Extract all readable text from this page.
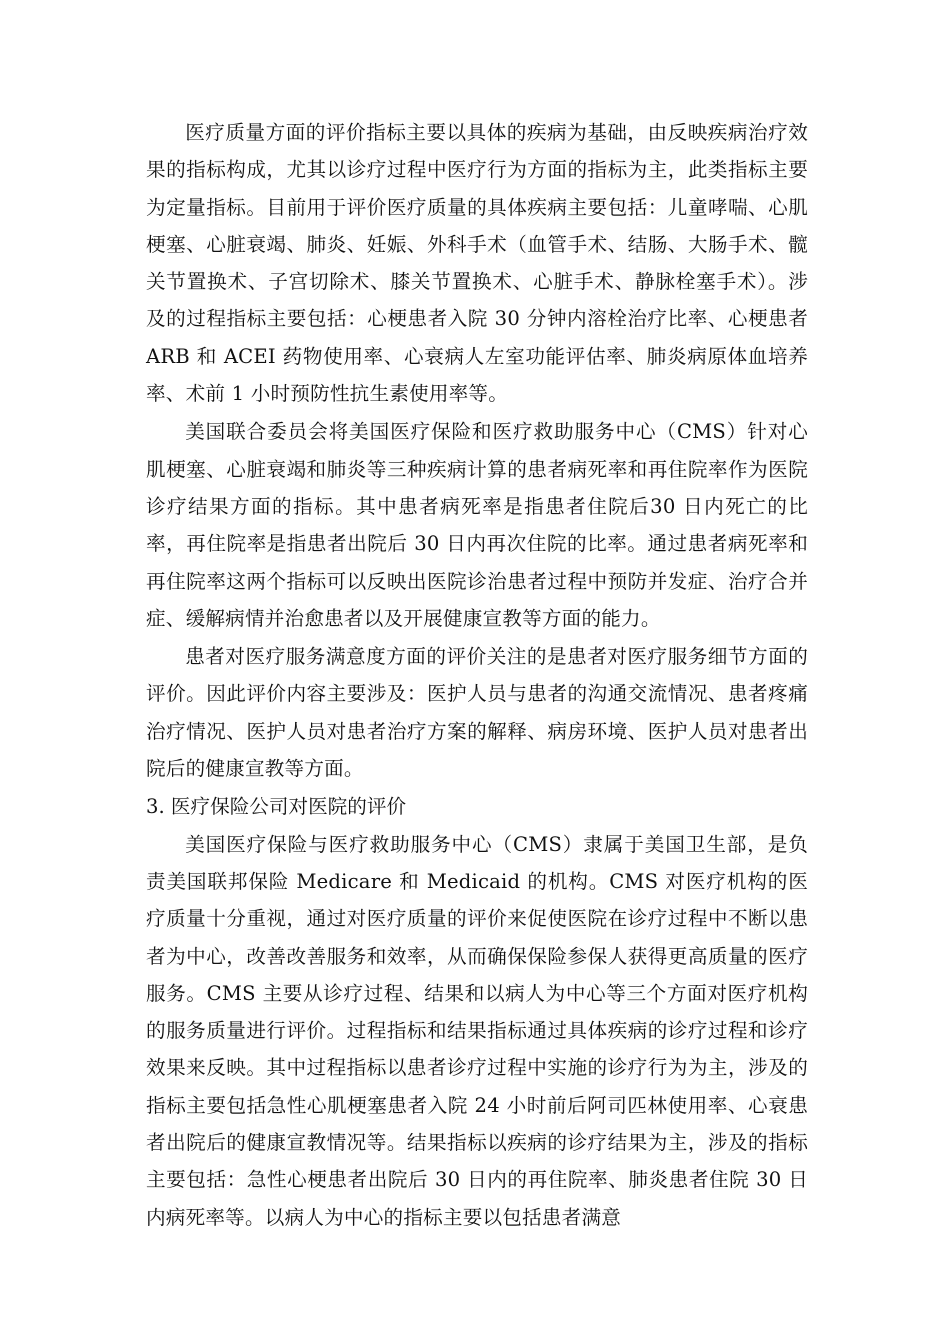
医疗质量方面的评价指标主要以具体的疾病为基础，由反映疾病治疗效果的指标构成，尤其以诊疗过程中医疗行为方面的指标为主，此类指标主要为定量指标。目前用于评价医疗质量的具体疾病主要包括：儿童哮喘、心肌梗塞、心脏衰竭、肺炎、妊娠、外科手术（血管手术、结肠、大肠手术、髋关节置换术、子宫切除术、膝关节置换术、心脏手术、静脉栓塞手术）。涉及的过程指标主要包括：心梗患者入院 30 分钟内溶栓治疗比率、心梗患者 ARB 和 ACEI 药物使用率、心衰病人左室功能评估率、肺炎病原体血培养率、术前 1 小时预防性抗生素使用率等。

美国联合委员会将美国医疗保险和医疗救助服务中心（CMS）针对心肌梗塞、心脏衰竭和肺炎等三种疾病计算的患者病死率和再住院率作为医院诊疗结果方面的指标。其中患者病死率是指患者住院后30 日内死亡的比率，再住院率是指患者出院后 30 日内再次住院的比率。通过患者病死率和再住院率这两个指标可以反映出医院诊治患者过程中预防并发症、治疗合并症、缓解病情并治愈患者以及开展健康宣教等方面的能力。

患者对医疗服务满意度方面的评价关注的是患者对医疗服务细节方面的评价。因此评价内容主要涉及：医护人员与患者的沟通交流情况、患者疼痛治疗情况、医护人员对患者治疗方案的解释、病房环境、医护人员对患者出院后的健康宣教等方面。

3. 医疗保险公司对医院的评价

美国医疗保险与医疗救助服务中心（CMS）隶属于美国卫生部，是负责美国联邦保险 Medicare 和 Medicaid 的机构。CMS 对医疗机构的医疗质量十分重视，通过对医疗质量的评价来促使医院在诊疗过程中不断以患者为中心，改善改善服务和效率，从而确保保险参保人获得更高质量的医疗服务。CMS 主要从诊疗过程、结果和以病人为中心等三个方面对医疗机构的服务质量进行评价。过程指标和结果指标通过具体疾病的诊疗过程和诊疗效果来反映。其中过程指标以患者诊疗过程中实施的诊疗行为为主，涉及的指标主要包括急性心肌梗塞患者入院 24 小时前后阿司匹林使用率、心衰患者出院后的健康宣教情况等。结果指标以疾病的诊疗结果为主，涉及的指标主要包括：急性心梗患者出院后 30 日内的再住院率、肺炎患者住院 30 日内病死率等。以病人为中心的指标主要以包括患者满意
